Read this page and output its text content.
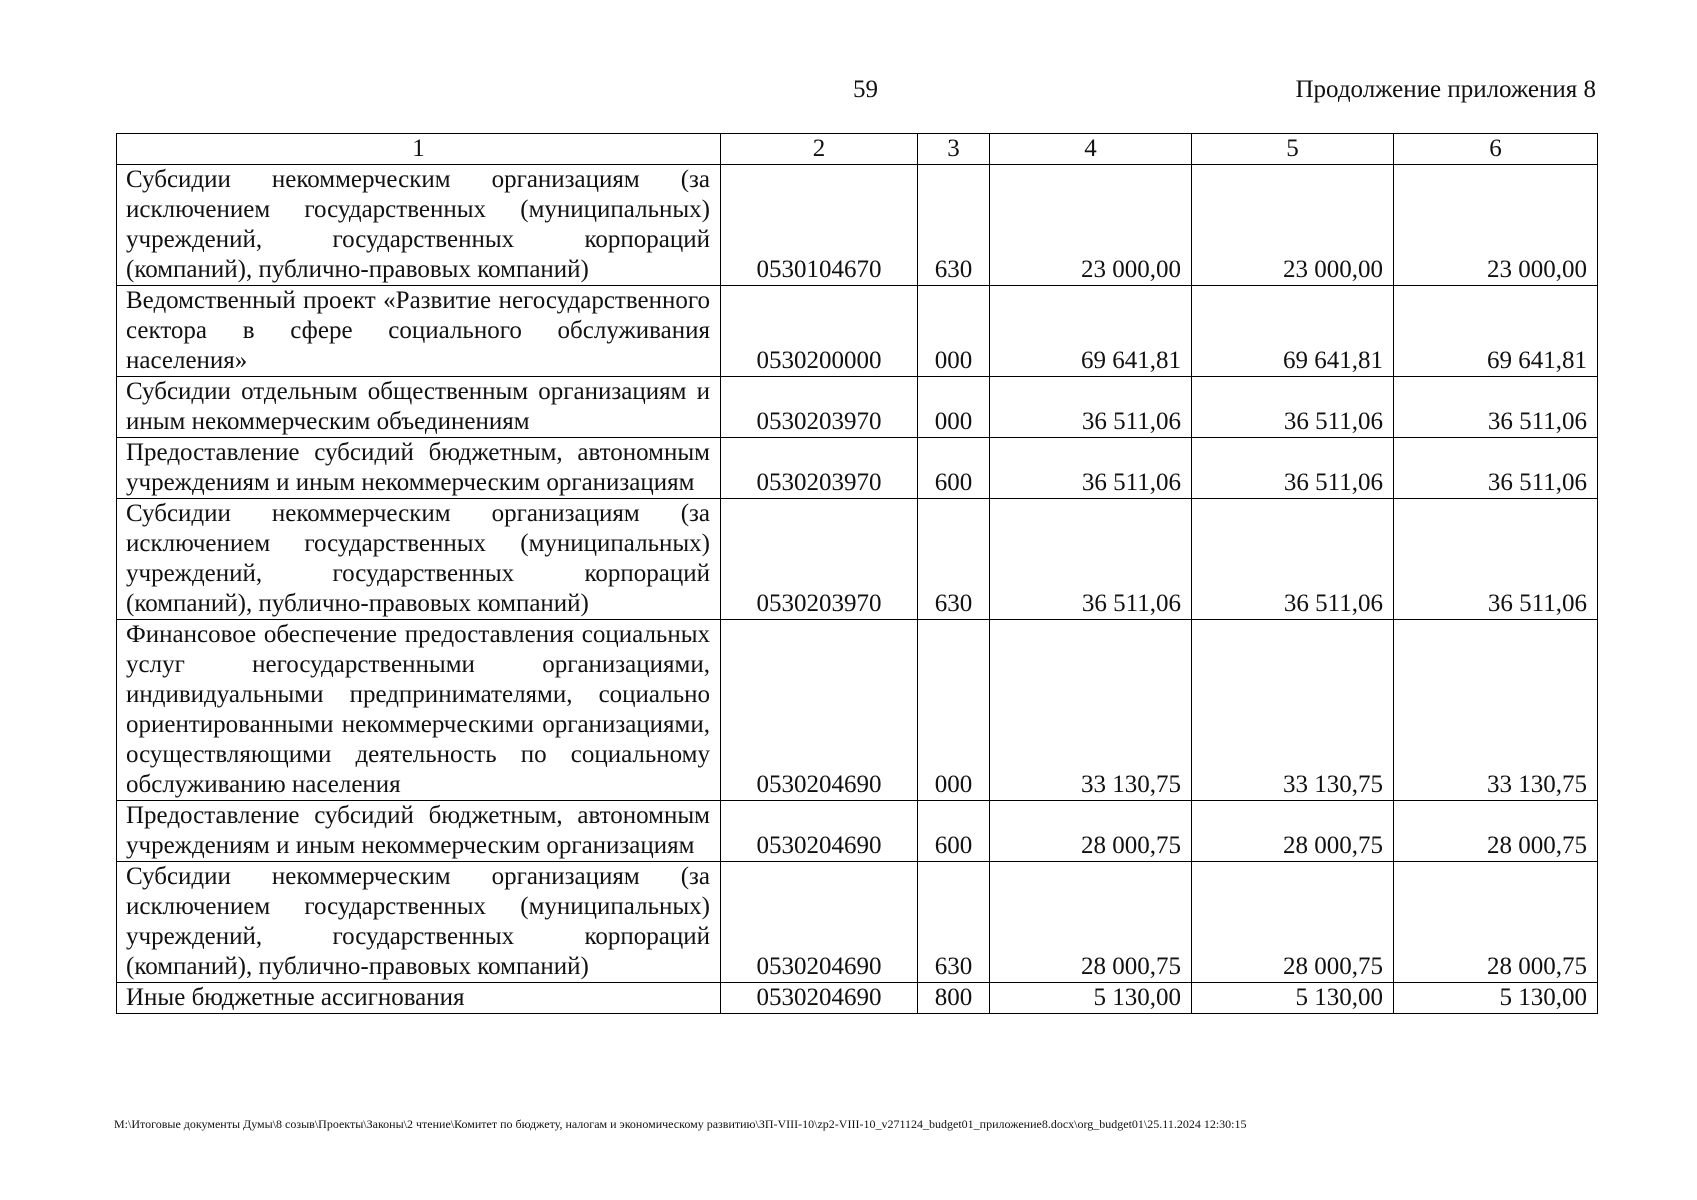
59	Продолжение приложения 8
1	2	3	4	5	6
Субсидии некоммерческим организациям (за исключением государственных (муниципальных) учреждений, государственных корпораций (компаний), публично-правовых компаний)	0530104670	630	23 000,00	23 000,00	23 000,00
Ведомственный проект «Развитие негосударственного сектора в сфере социального обслуживания населения»	0530200000	000	69 641,81	69 641,81	69 641,81
Субсидии отдельным общественным организациям и иным некоммерческим объединениям	0530203970	000	36 511,06	36 511,06	36 511,06
Предоставление субсидий бюджетным, автономным учреждениям и иным некоммерческим организациям	0530203970	600	36 511,06	36 511,06	36 511,06
Субсидии некоммерческим организациям (за исключением государственных (муниципальных) учреждений, государственных корпораций (компаний), публично-правовых компаний)	0530203970	630	36 511,06	36 511,06	36 511,06
Финансовое обеспечение предоставления социальных услуг негосударственными организациями, индивидуальными предпринимателями, социально ориентированными некоммерческими организациями, осуществляющими деятельность по социальному обслуживанию населения	0530204690	000	33 130,75	33 130,75	33 130,75
Предоставление субсидий бюджетным, автономным учреждениям и иным некоммерческим организациям	0530204690	600	28 000,75	28 000,75	28 000,75
Субсидии некоммерческим организациям (за исключением государственных (муниципальных) учреждений, государственных корпораций (компаний), публично-правовых компаний)	0530204690	630	28 000,75	28 000,75	28 000,75
Иные бюджетные ассигнования	0530204690	800	5 130,00	5 130,00	5 130,00
M:\Итоговые документы Думы\8 созыв\Проекты\Законы\2 чтение\Комитет по бюджету, налогам и экономическому развитию\ЗП-VIII-10\zp2-VIII-10_v271124_budget01_приложение8.docx\org_budget01\25.11.2024 12:30:15
